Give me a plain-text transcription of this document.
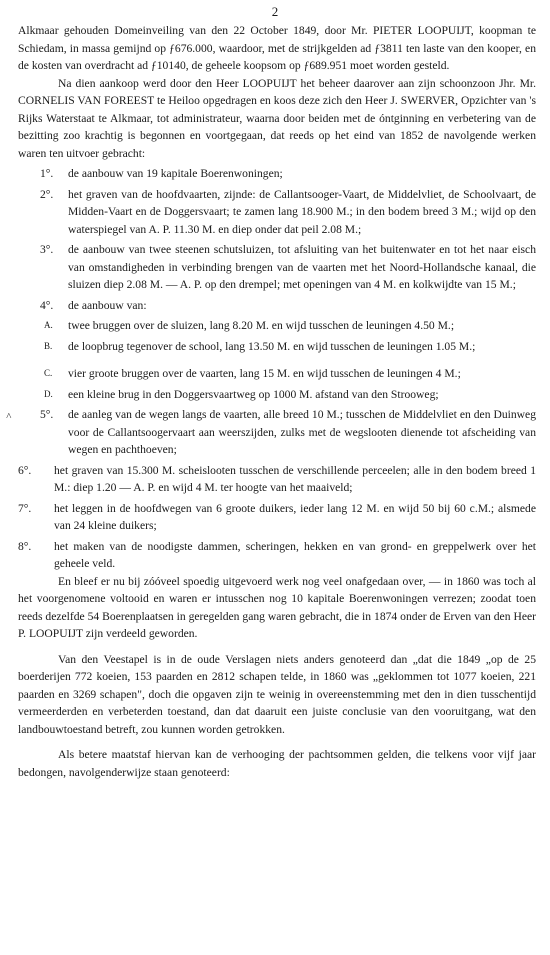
2

Alkmaar gehouden Domeinveiling van den 22 October 1849, door Mr. PIETER LOOPUIJT, koopman te Schiedam, in massa gemijnd op ƒ676.000, waardoor, met de strijkgelden ad ƒ3811 ten laste van den kooper, en de kosten van overdracht ad ƒ10140, de geheele koopsom op ƒ689.951 moet worden gesteld.

Na dien aankoop werd door den Heer LOOPUIJT het beheer daarover aan zijn schoonzoon Jhr. Mr. CORNELIS VAN FOREEST te Heiloo opgedragen en koos deze zich den Heer J. SWERVER, Opzichter van 's Rijks Waterstaat te Alkmaar, tot administrateur, waarna door beiden met de óntginning en verbetering van de bezitting zoo krachtig is begonnen en voortgegaan, dat reeds op het eind van 1852 de navolgende werken waren ten uitvoer gebracht:

1°. de aanbouw van 19 kapitale Boerenwoningen;
2°. het graven van de hoofdvaarten, zijnde: de Callantsooger-Vaart, de Middelvliet, de Schoolvaart, de Midden-Vaart en de Doggersvaart; te zamen lang 18.900 M.; in den bodem breed 3 M.; wijd op den waterspiegel van A. P. 11.30 M. en diep onder dat peil 2.08 M.;
3°. de aanbouw van twee steenen schutsluizen, tot afsluiting van het buitenwater en tot het naar eisch van omstandigheden in verbinding brengen van de vaarten met het Noord-Hollandsche kanaal, die sluizen diep 2.08 M. — A. P. op den drempel; met openingen van 4 M. en kolkwijdte van 15 M.;
4°. de aanbouw van:
A. twee bruggen over de sluizen, lang 8.20 M. en wijd tusschen de leuningen 4.50 M.;
B. de loopbrug tegenover de school, lang 13.50 M. en wijd tusschen de leuningen 1.05 M.;
C. vier groote bruggen over de vaarten, lang 15 M. en wijd tusschen de leuningen 4 M.;
D. een kleine brug in den Doggersvaartweg op 1000 M. afstand van den Strooweg;
˄ 5°. de aanleg van de wegen langs de vaarten, alle breed 10 M.; tusschen de Middelvliet en den Duinweg voor de Callantsoogervaart aan weerszijden, zulks met de wegslooten dienende tot afscheiding van wegen en pachthoeven;
6°. het graven van 15.300 M. scheislooten tusschen de verschillende perceelen; alle in den bodem breed 1 M.: diep 1.20 — A. P. en wijd 4 M. ter hoogte van het maaiveld;
7°. het leggen in de hoofdwegen van 6 groote duikers, ieder lang 12 M. en wijd 50 bij 60 c.M.; alsmede van 24 kleine duikers;
8°. het maken van de noodigste dammen, scheringen, hekken en van grond- en greppelwerk over het geheele veld.

En bleef er nu bij zóóveel spoedig uitgevoerd werk nog veel onafgedaan over, — in 1860 was toch al het voorgenomene voltooid en waren er intusschen nog 10 kapitale Boerenwoningen verrezen; zoodat toen reeds dezelfde 54 Boerenplaatsen in geregelden gang waren gebracht, die in 1874 onder de Erven van den Heer P. LOOPUIJT zijn verdeeld geworden.

Van den Veestapel is in de oude Verslagen niets anders genoteerd dan „dat die 1849 „op de 25 boerderijen 772 koeien, 153 paarden en 2812 schapen telde, in 1860 was „geklommen tot 1077 koeien, 221 paarden en 3269 schapen", doch die opgaven zijn te weinig in overeenstemming met den in dien tusschentijd vermeerderden en verbeterden toestand, dan dat daaruit een juiste conclusie van den vooruitgang, wat den landbouwtoestand betreft, zou kunnen worden getrokken.

Als betere maatstaf hiervan kan de verhooging der pachtsommen gelden, die telkens voor vijf jaar bedongen, navolgenderwijze staan genoteerd:
